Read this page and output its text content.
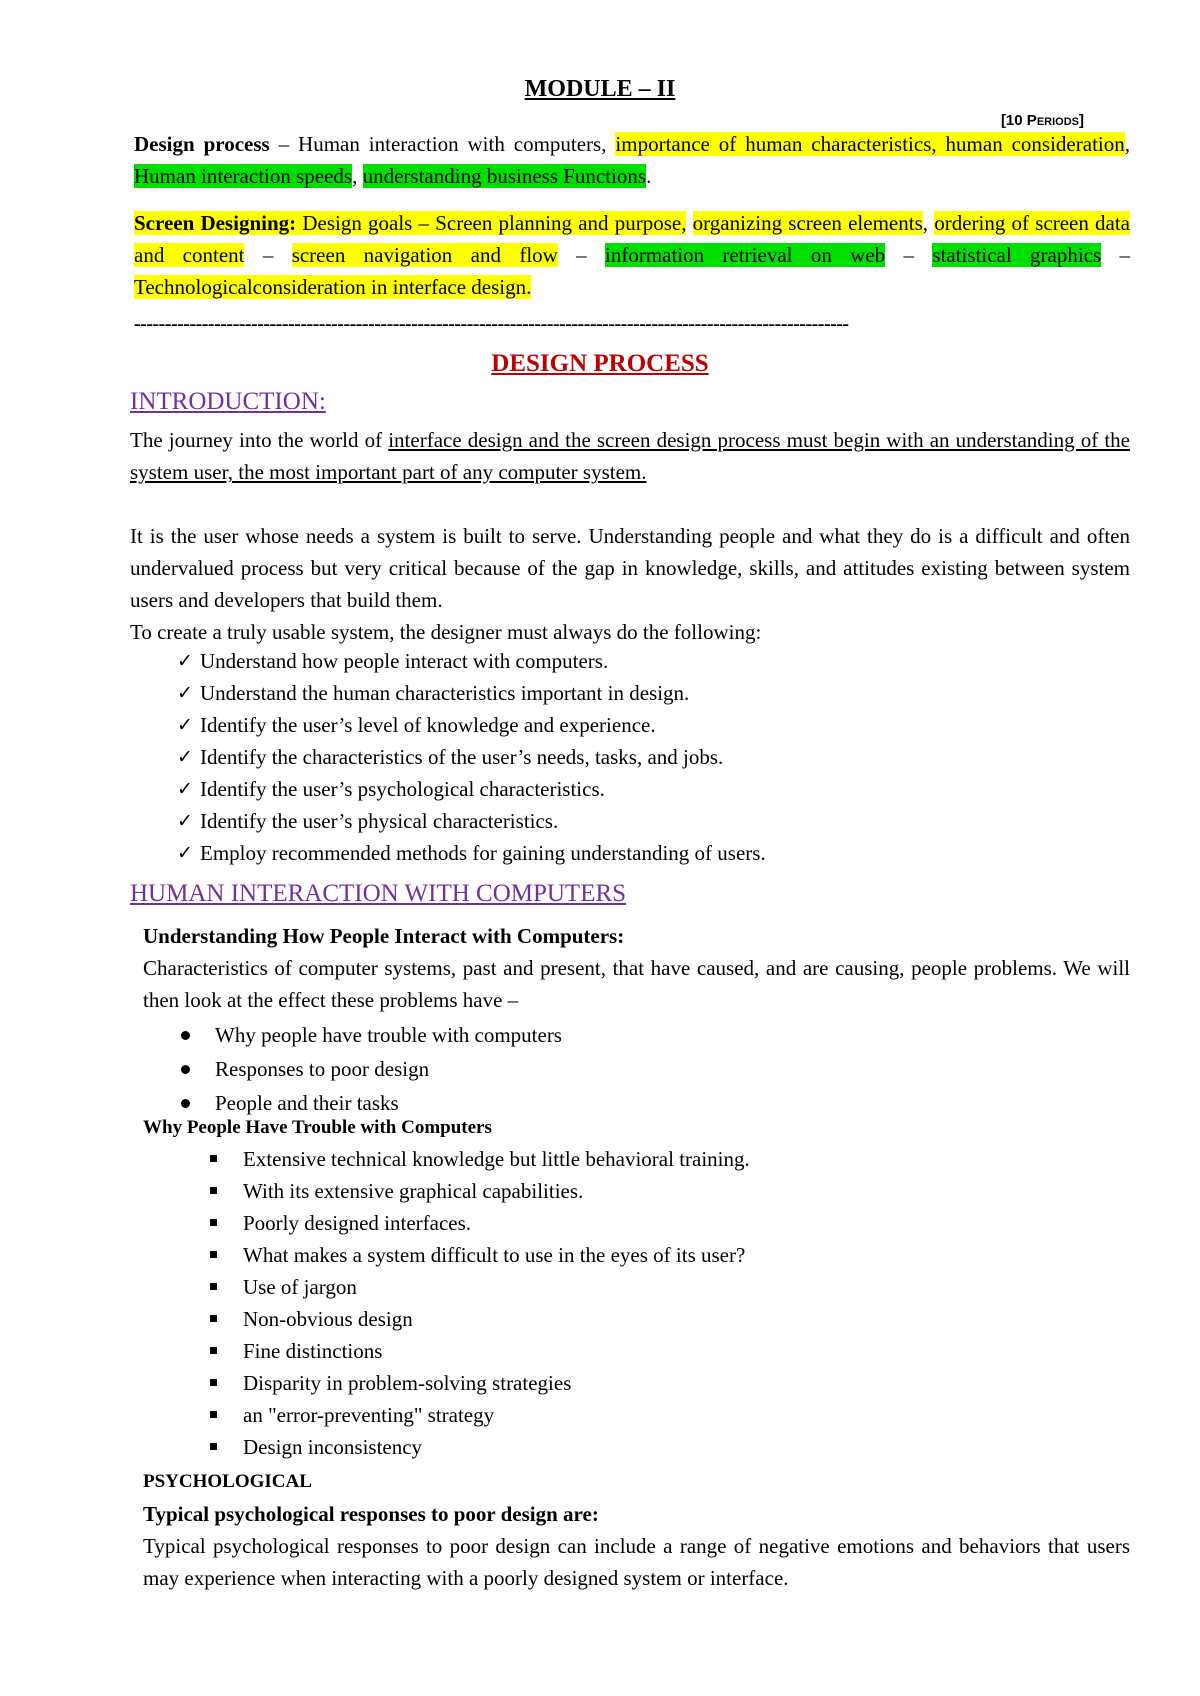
MODULE – II
[10 PERIODS]
Design process – Human interaction with computers, importance of human characteristics, human consideration, Human interaction speeds, understanding business Functions.
Screen Designing: Design goals – Screen planning and purpose, organizing screen elements, ordering of screen data and content – screen navigation and flow – information retrieval on web – statistical graphics – Technologicalconsideration in interface design.
--------------------------------------------------------------------------------------------------------------------
DESIGN PROCESS
INTRODUCTION:
The journey into the world of interface design and the screen design process must begin with an understanding of the system user, the most important part of any computer system.
It is the user whose needs a system is built to serve. Understanding people and what they do is a difficult and often undervalued process but very critical because of the gap in knowledge, skills, and attitudes existing between system users and developers that build them.
To create a truly usable system, the designer must always do the following:
✓ Understand how people interact with computers.
✓ Understand the human characteristics important in design.
✓ Identify the user’s level of knowledge and experience.
✓ Identify the characteristics of the user’s needs, tasks, and jobs.
✓ Identify the user’s psychological characteristics.
✓ Identify the user’s physical characteristics.
✓ Employ recommended methods for gaining understanding of users.
HUMAN INTERACTION WITH COMPUTERS
Understanding How People Interact with Computers:
Characteristics of computer systems, past and present, that have caused, and are causing, people problems. We will then look at the effect these problems have –
Why people have trouble with computers
Responses to poor design
People and their tasks
Why People Have Trouble with Computers
Extensive technical knowledge but little behavioral training.
With its extensive graphical capabilities.
Poorly designed interfaces.
What makes a system difficult to use in the eyes of its user?
Use of jargon
Non-obvious design
Fine distinctions
Disparity in problem-solving strategies
an "error-preventing" strategy
Design inconsistency
PSYCHOLOGICAL
Typical psychological responses to poor design are:
Typical psychological responses to poor design can include a range of negative emotions and behaviors that users may experience when interacting with a poorly designed system or interface.
